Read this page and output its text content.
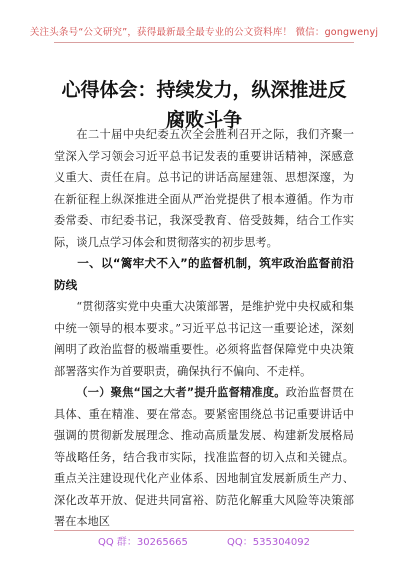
关注头条号“公文研究”，获得最新最全最专业的公文资料库！ 微信：gongwenyj
心得体会：持续发力，纵深推进反腐败斗争

在二十届中央纪委五次全会胜利召开之际，我们齐聚一堂深入学习领会习近平总书记发表的重要讲话精神，深感意义重大、责任在肩。总书记的讲话高屋建瓴、思想深邃，为在新征程上纵深推进全面从严治党提供了根本遵循。作为市委常委、市纪委书记，我深受教育、倍受鼓舞，结合工作实际，谈几点学习体会和贯彻落实的初步思考。

一、以“篱牢犬不入”的监督机制，筑牢政治监督前沿防线

“贯彻落实党中央重大决策部署，是维护党中央权威和集中统一领导的根本要求。”习近平总书记这一重要论述，深刻阐明了政治监督的极端重要性。必须将监督保障党中央决策部署落实作为首要职责，确保执行不偏向、不走样。

（一）聚焦“国之大者”提升监督精准度。政治监督贯在具体、重在精准、要在常态。要紧密围绕总书记重要讲话中强调的贯彻新发展理念、推动高质量发展、构建新发展格局等战略任务，结合我市实际，找准监督的切入点和关键点。重点关注建设现代化产业体系、因地制宜发展新质生产力、深化改革开放、促进共同富裕、防范化解重大风险等决策部署在本地区

QQ 群：30265665	QQ：535304092
